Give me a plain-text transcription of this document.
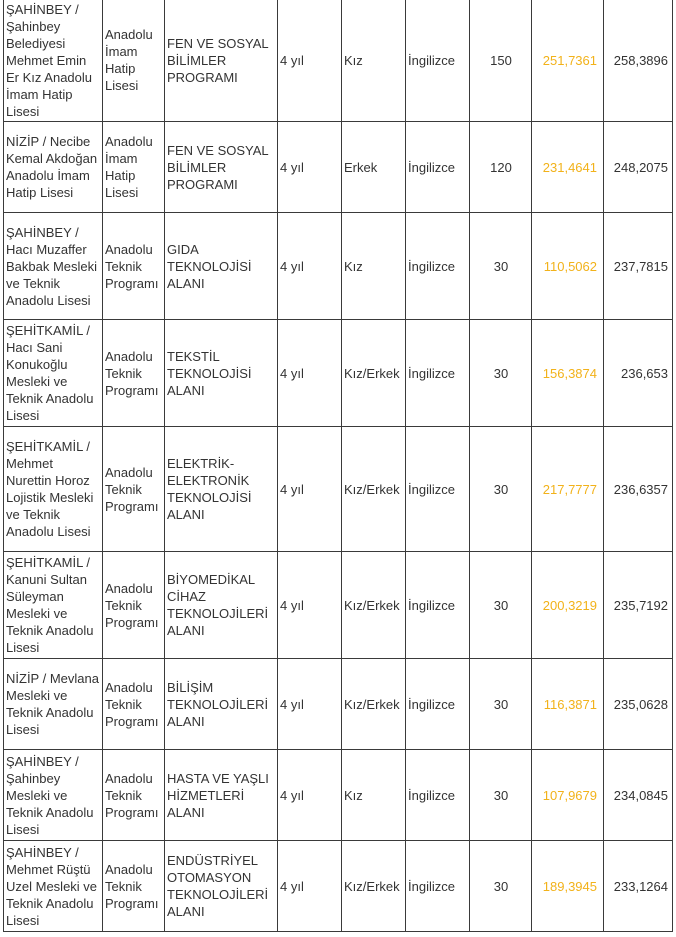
ŞAHİNBEY / Şahinbey Belediyesi Mehmet Emin Er Kız Anadolu İmam Hatip Lisesi	Anadolu İmam Hatip Lisesi	FEN VE SOSYAL BİLİMLER PROGRAMI	4 yıl	Kız	İngilizce	150	251,7361	258,3896
NİZİP / Necibe Kemal Akdoğan Anadolu İmam Hatip Lisesi	Anadolu İmam Hatip Lisesi	FEN VE SOSYAL BİLİMLER PROGRAMI	4 yıl	Erkek	İngilizce	120	231,4641	248,2075
ŞAHİNBEY / Hacı Muzaffer Bakbak Mesleki ve Teknik Anadolu Lisesi	Anadolu Teknik Programı	GIDA TEKNOLOJİSİ ALANI	4 yıl	Kız	İngilizce	30	110,5062	237,7815
ŞEHİTKAMİL / Hacı Sani Konukoğlu Mesleki ve Teknik Anadolu Lisesi	Anadolu Teknik Programı	TEKSTİL TEKNOLOJİSİ ALANI	4 yıl	Kız/Erkek	İngilizce	30	156,3874	236,653
ŞEHİTKAMİL / Mehmet Nurettin Horoz Lojistik Mesleki ve Teknik Anadolu Lisesi	Anadolu Teknik Programı	ELEKTRİK-ELEKTRONİK TEKNOLOJİSİ ALANI	4 yıl	Kız/Erkek	İngilizce	30	217,7777	236,6357
ŞEHİTKAMİL / Kanuni Sultan Süleyman Mesleki ve Teknik Anadolu Lisesi	Anadolu Teknik Programı	BİYOMEDİKAL CİHAZ TEKNOLOJİLERİ ALANI	4 yıl	Kız/Erkek	İngilizce	30	200,3219	235,7192
NİZİP / Mevlana Mesleki ve Teknik Anadolu Lisesi	Anadolu Teknik Programı	BİLİŞİM TEKNOLOJİLERİ ALANI	4 yıl	Kız/Erkek	İngilizce	30	116,3871	235,0628
ŞAHİNBEY / Şahinbey Mesleki ve Teknik Anadolu Lisesi	Anadolu Teknik Programı	HASTA VE YAŞLI HİZMETLERİ ALANI	4 yıl	Kız	İngilizce	30	107,9679	234,0845
ŞAHİNBEY / Mehmet Rüştü Uzel Mesleki ve Teknik Anadolu Lisesi	Anadolu Teknik Programı	ENDÜSTRİYEL OTOMASYON TEKNOLOJİLERİ ALANI	4 yıl	Kız/Erkek	İngilizce	30	189,3945	233,1264
